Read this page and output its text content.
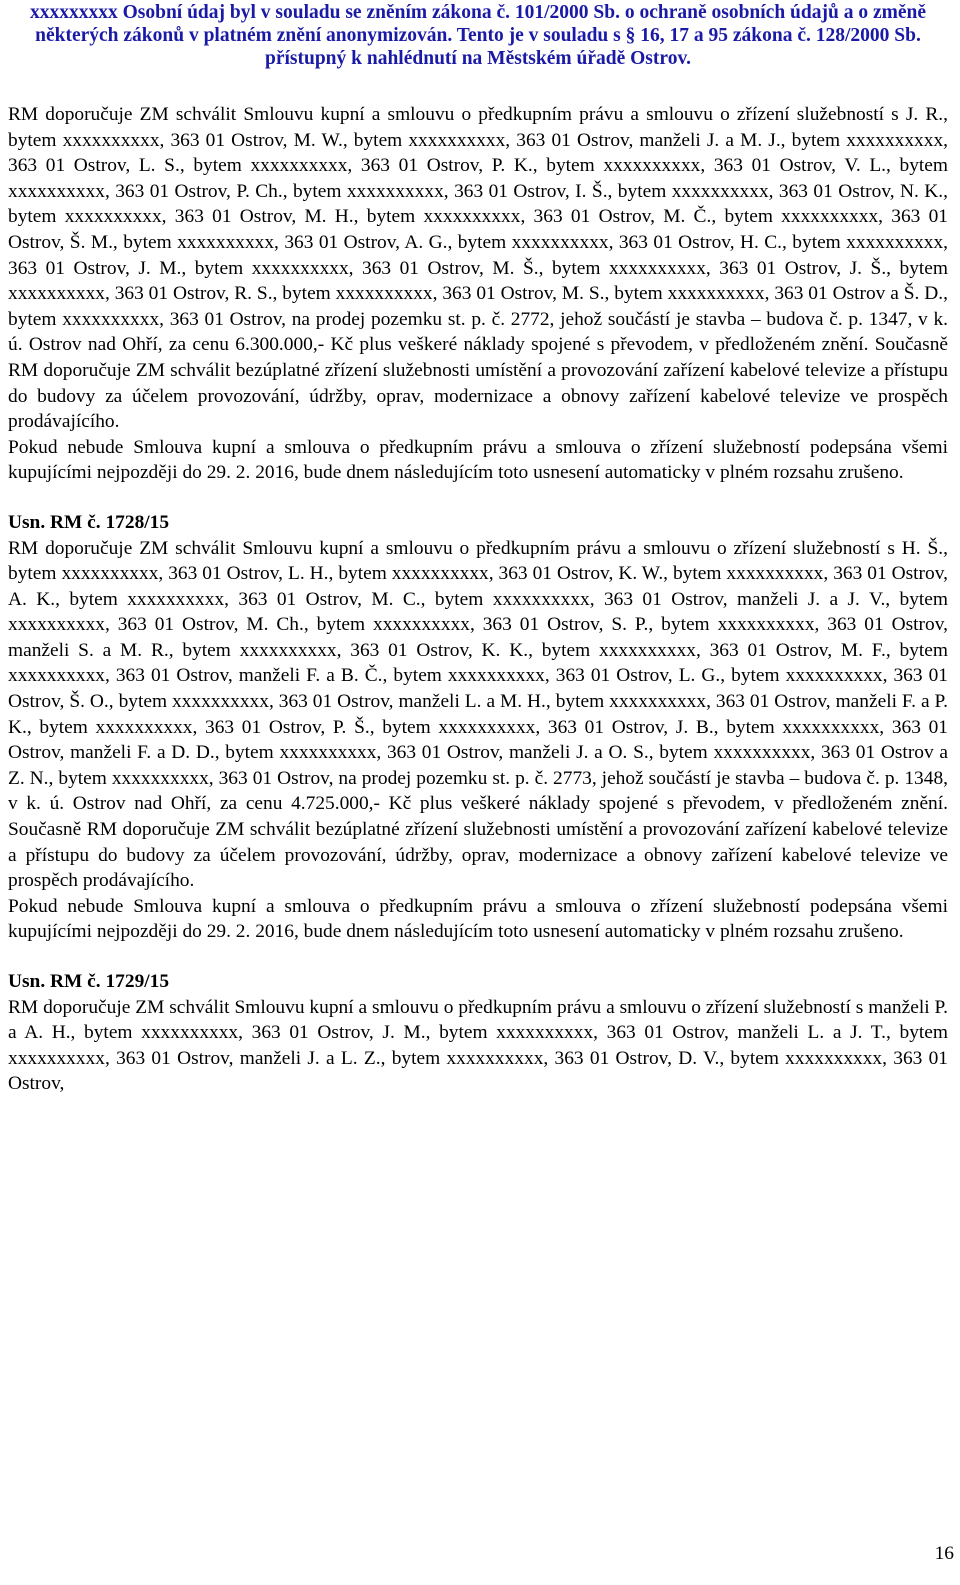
xxxxxxxxx Osobní údaj byl v souladu se zněním zákona č. 101/2000 Sb. o ochraně osobních údajů a o změně
některých zákonů v platném znění anonymizován. Tento je v souladu s § 16, 17 a 95 zákona č. 128/2000 Sb.
přístupný k nahlédnutí na Městském úřadě Ostrov.

RM doporučuje ZM schválit Smlouvu kupní a smlouvu o předkupním právu a smlouvu o zřízení služebností s J. R., bytem xxxxxxxxxx, 363 01 Ostrov, M. W., bytem xxxxxxxxxx, 363 01 Ostrov, manželi J. a M. J., bytem xxxxxxxxxx, 363 01 Ostrov, L. S., bytem xxxxxxxxxx, 363 01 Ostrov, P. K., bytem xxxxxxxxxx, 363 01 Ostrov, V. L., bytem xxxxxxxxxx, 363 01 Ostrov, P. Ch., bytem xxxxxxxxxx, 363 01 Ostrov, I. Š., bytem xxxxxxxxxx, 363 01 Ostrov, N. K., bytem xxxxxxxxxx, 363 01 Ostrov, M. H., bytem xxxxxxxxxx, 363 01 Ostrov, M. Č., bytem xxxxxxxxxx, 363 01 Ostrov, Š. M., bytem xxxxxxxxxx, 363 01 Ostrov, A. G., bytem xxxxxxxxxx, 363 01 Ostrov, H. C., bytem xxxxxxxxxx, 363 01 Ostrov, J. M., bytem xxxxxxxxxx, 363 01 Ostrov, M. Š., bytem xxxxxxxxxx, 363 01 Ostrov, J. Š., bytem xxxxxxxxxx, 363 01 Ostrov, R. S., bytem xxxxxxxxxx, 363 01 Ostrov, M. S., bytem xxxxxxxxxx, 363 01 Ostrov a Š. D., bytem xxxxxxxxxx, 363 01 Ostrov, na prodej pozemku st. p. č. 2772, jehož součástí je stavba – budova č. p. 1347, v k. ú. Ostrov nad Ohří, za cenu 6.300.000,- Kč plus veškeré náklady spojené s převodem, v předloženém znění. Současně RM doporučuje ZM schválit bezúplatné zřízení služebnosti umístění a provozování zařízení kabelové televize a přístupu do budovy za účelem provozování, údržby, oprav, modernizace a obnovy zařízení kabelové televize ve prospěch prodávajícího.

Pokud nebude Smlouva kupní a smlouva o předkupním právu a smlouva o zřízení služebností podepsána všemi kupujícími nejpozději do 29. 2. 2016, bude dnem následujícím toto usnesení automaticky v plném rozsahu zrušeno.

Usn. RM č. 1728/15

RM doporučuje ZM schválit Smlouvu kupní a smlouvu o předkupním právu a smlouvu o zřízení služebností s H. Š., bytem xxxxxxxxxx, 363 01 Ostrov, L. H., bytem xxxxxxxxxx, 363 01 Ostrov, K. W., bytem xxxxxxxxxx, 363 01 Ostrov, A. K., bytem xxxxxxxxxx, 363 01 Ostrov, M. C., bytem xxxxxxxxxx, 363 01 Ostrov, manželi J. a J. V., bytem xxxxxxxxxx, 363 01 Ostrov, M. Ch., bytem xxxxxxxxxx, 363 01 Ostrov, S. P., bytem xxxxxxxxxx, 363 01 Ostrov, manželi S. a M. R., bytem xxxxxxxxxx, 363 01 Ostrov, K. K., bytem xxxxxxxxxx, 363 01 Ostrov, M. F., bytem xxxxxxxxxx, 363 01 Ostrov, manželi F. a B. Č., bytem xxxxxxxxxx, 363 01 Ostrov, L. G., bytem xxxxxxxxxx, 363 01 Ostrov, Š. O., bytem xxxxxxxxxx, 363 01 Ostrov, manželi L. a M. H., bytem xxxxxxxxxx, 363 01 Ostrov, manželi F. a P. K., bytem xxxxxxxxxx, 363 01 Ostrov, P. Š., bytem xxxxxxxxxx, 363 01 Ostrov, J. B., bytem xxxxxxxxxx, 363 01 Ostrov, manželi F. a D. D., bytem xxxxxxxxxx, 363 01 Ostrov, manželi J. a O. S., bytem xxxxxxxxxx, 363 01 Ostrov a Z. N., bytem xxxxxxxxxx, 363 01 Ostrov, na prodej pozemku st. p. č. 2773, jehož součástí je stavba – budova č. p. 1348, v k. ú. Ostrov nad Ohří, za cenu 4.725.000,- Kč plus veškeré náklady spojené s převodem, v předloženém znění. Současně RM doporučuje ZM schválit bezúplatné zřízení služebnosti umístění a provozování zařízení kabelové televize a přístupu do budovy za účelem provozování, údržby, oprav, modernizace a obnovy zařízení kabelové televize ve prospěch prodávajícího.

Pokud nebude Smlouva kupní a smlouva o předkupním právu a smlouva o zřízení služebností podepsána všemi kupujícími nejpozději do 29. 2. 2016, bude dnem následujícím toto usnesení automaticky v plném rozsahu zrušeno.

Usn. RM č. 1729/15

RM doporučuje ZM schválit Smlouvu kupní a smlouvu o předkupním právu a smlouvu o zřízení služebností s manželi P. a A. H., bytem xxxxxxxxxx, 363 01 Ostrov, J. M., bytem xxxxxxxxxx, 363 01 Ostrov, manželi L. a J. T., bytem xxxxxxxxxx, 363 01 Ostrov, manželi J. a L. Z., bytem xxxxxxxxxx, 363 01 Ostrov, D. V., bytem xxxxxxxxxx, 363 01 Ostrov,

16
